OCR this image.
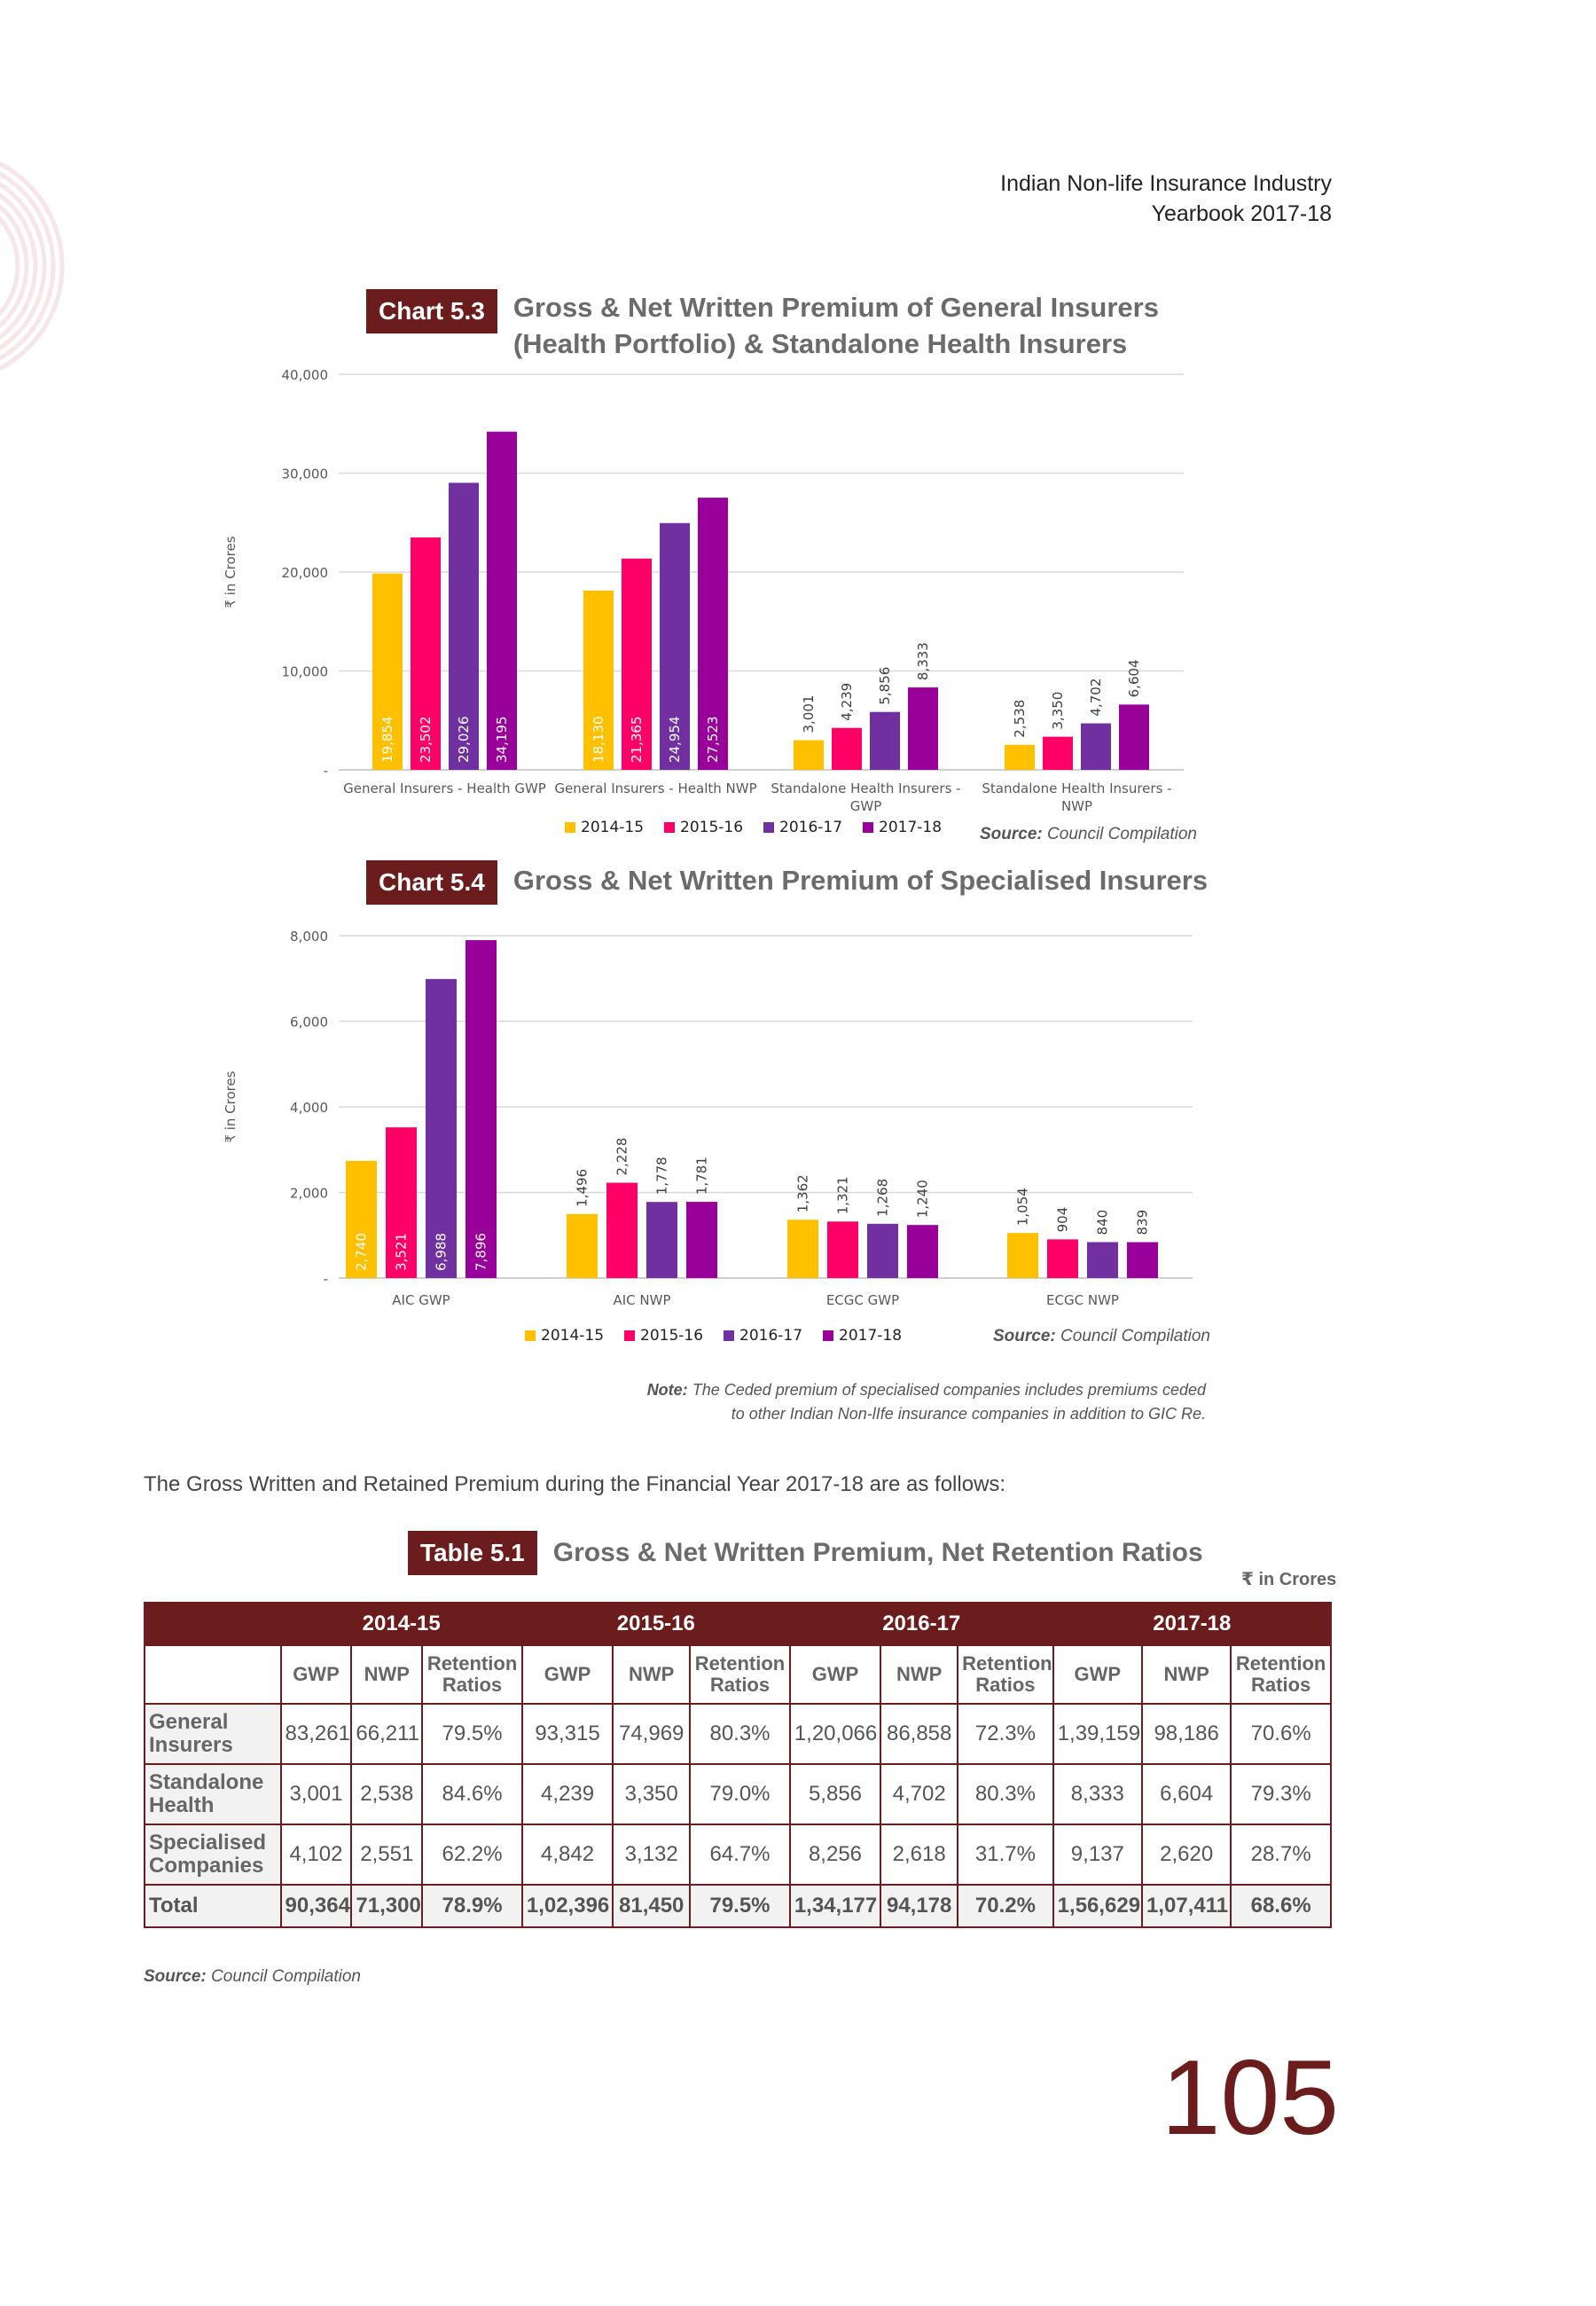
Indian Non-life Insurance Industry
Yearbook 2017-18
Chart 5.3	Gross & Net Written Premium of General Insurers
(Health Portfolio) & Standalone Health Insurers
-
10,000
20,000
30,000
40,000
₹ in Crores
19,854 23,502 29,026 34,195
General Insurers - Health GWP
18,130 21,365 24,954 27,523
General Insurers - Health NWP
3,001 4,239 5,856
8,333
Standalone Health Insurers -
GWP
2,538 3,350 4,702 6,604
Standalone Health Insurers -
NWP
2014-15 2015-16 2016-17 2017-18 Source: Council Compilation
Chart 5.4	Gross & Net Written Premium of Specialised Insurers
-
2,000
4,000
6,000
8,000
₹ in Crores
2,740 3,521 6,988 7,896
AIC GWP
1,496
2,228
1,778 1,781
AIC NWP
1,362 1,321 1,268 1,240
ECGC GWP
1,054 904 840 839
ECGC NWP
2014-15 2015-16 2016-17 2017-18	Source: Council Compilation
Note: The Ceded premium of specialised companies includes premiums ceded
to other Indian Non-lIfe insurance companies in addition to GIC Re.
The Gross Written and Retained Premium during the Financial Year 2017-18 are as follows:
Table 5.1	Gross & Net Written Premium, Net Retention Ratios
₹ in Crores
	2014-15			2015-16			2016-17			2017-18		
	GWP	NWP	Retention Ratios	GWP	NWP	Retention Ratios	GWP	NWP	Retention Ratios	GWP	NWP	Retention Ratios
General Insurers	83,261	66,211	79.5%	93,315	74,969	80.3%	1,20,066	86,858	72.3%	1,39,159	98,186	70.6%
Standalone Health	3,001	2,538	84.6%	4,239	3,350	79.0%	5,856	4,702	80.3%	8,333	6,604	79.3%
Specialised Companies	4,102	2,551	62.2%	4,842	3,132	64.7%	8,256	2,618	31.7%	9,137	2,620	28.7%
Total	90,364	71,300	78.9%	1,02,396	81,450	79.5%	1,34,177	94,178	70.2%	1,56,629	1,07,411	68.6%
Source: Council Compilation
105
